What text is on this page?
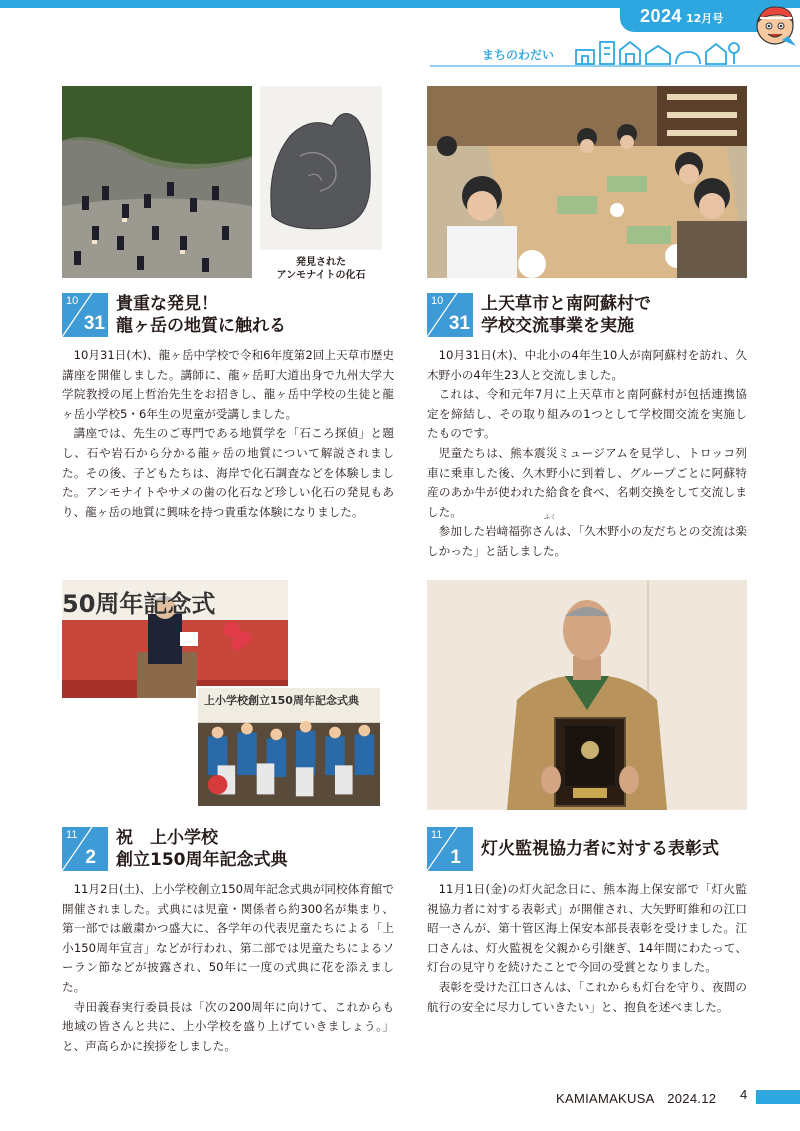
2024 12月号
まちのわだい
発見された
アンモナイトの化石
10
31
貴重な発見！
龍ヶ岳の地質に触れる

10月31日(木)、龍ヶ岳中学校で令和6年度第2回上天草市歴史講座を開催しました。講師に、龍ヶ岳町大道出身で九州大学大学院教授の尾上哲治先生をお招きし、龍ヶ岳中学校の生徒と龍ヶ岳小学校5・6年生の児童が受講しました。

講座では、先生のご専門である地質学を「石ころ探偵」と題し、石や岩石から分かる龍ヶ岳の地質について解説されました。その後、子どもたちは、海岸で化石調査などを体験しました。アンモナイトやサメの歯の化石など珍しい化石の発見もあり、龍ヶ岳の地質に興味を持つ貴重な体験になりました。

10
31
上天草市と南阿蘇村で
学校交流事業を実施
ふく

10月31日(木)、中北小の4年生10人が南阿蘇村を訪れ、久木野小の4年生23人と交流しました。

これは、令和元年7月に上天草市と南阿蘇村が包括連携協定を締結し、その取り組みの1つとして学校間交流を実施したものです。

児童たちは、熊本震災ミュージアムを見学し、トロッコ列車に乗車した後、久木野小に到着し、グループごとに阿蘇特産のあか牛が使われた給食を食べ、名刺交換をして交流しました。

参加した岩﨑福弥さんは、「久木野小の友だちとの交流は楽しかった」と話しました。

50周年記念式
上小学校創立150周年記念式典
11
2
祝　上小学校
創立150周年記念式典

11月2日(土)、上小学校創立150周年記念式典が同校体育館で開催されました。式典には児童・関係者ら約300名が集まり、第一部では厳粛かつ盛大に、各学年の代表児童たちによる「上小150周年宣言」などが行われ、第二部では児童たちによるソーラン節などが披露され、50年に一度の式典に花を添えました。

寺田義春実行委員長は「次の200周年に向けて、これからも地域の皆さんと共に、上小学校を盛り上げていきましょう。」と、声高らかに挨拶をしました。

11
1 灯火監視協力者に対する表彰式

11月1日(金)の灯火記念日に、熊本海上保安部で「灯火監視協力者に対する表彰式」が開催され、大矢野町維和の江口昭一さんが、第十管区海上保安本部長表彰を受けました。江口さんは、灯火監視を父親から引継ぎ、14年間にわたって、灯台の見守りを続けたことで今回の受賞となりました。

表彰を受けた江口さんは、「これからも灯台を守り、夜間の航行の安全に尽力していきたい」と、抱負を述べました。

KAMIAMAKUSA　2024.12 4
